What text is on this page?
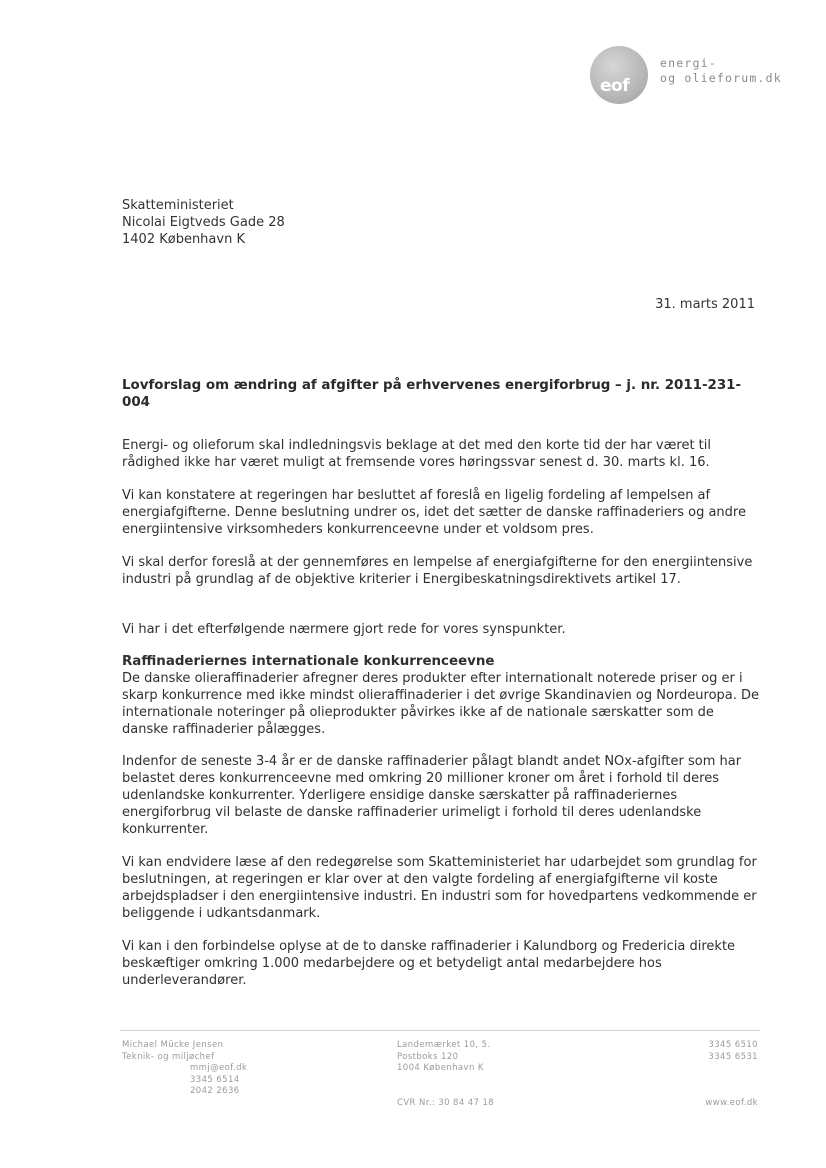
eof
energi-
og olieforum.dk
Skatteministeriet
Nicolai Eigtveds Gade 28
1402 København K
31. marts 2011
Lovforslag om ændring af afgifter på erhvervenes energiforbrug – j. nr. 2011-231-004

Energi- og olieforum skal indledningsvis beklage at det med den korte tid der har været til rådighed ikke har været muligt at fremsende vores høringssvar senest d. 30. marts kl. 16.

Vi kan konstatere at regeringen har besluttet af foreslå en ligelig fordeling af lempelsen af energiafgifterne. Denne beslutning undrer os, idet det sætter de danske raffinaderiers og andre energiintensive virksomheders konkurrenceevne under et voldsom pres.

Vi skal derfor foreslå at der gennemføres en lempelse af energiafgifterne for den energiintensive industri på grundlag af de objektive kriterier i Energibeskatningsdirektivets artikel 17.

Vi har i det efterfølgende nærmere gjort rede for vores synspunkter.

Raffinaderiernes internationale konkurrenceevne

De danske olieraffinaderier afregner deres produkter efter internationalt noterede priser og er i skarp konkurrence med ikke mindst olieraffinaderier i det øvrige Skandinavien og Nordeuropa. De internationale noteringer på olieprodukter påvirkes ikke af de nationale særskatter som de danske raffinaderier pålægges.

Indenfor de seneste 3-4 år er de danske raffinaderier pålagt blandt andet NOx-afgifter som har belastet deres konkurrenceevne med omkring 20 millioner kroner om året i forhold til deres udenlandske konkurrenter. Yderligere ensidige danske særskatter på raffinaderiernes energiforbrug vil belaste de danske raffinaderier urimeligt i forhold til deres udenlandske konkurrenter.

Vi kan endvidere læse af den redegørelse som Skatteministeriet har udarbejdet som grundlag for beslutningen, at regeringen er klar over at den valgte fordeling af energiafgifterne vil koste arbejdspladser i den energiintensive industri. En industri som for hovedpartens vedkommende er beliggende i udkantsdanmark.

Vi kan i den forbindelse oplyse at de to danske raffinaderier i Kalundborg og Fredericia direkte beskæftiger omkring 1.000 medarbejdere og et betydeligt antal medarbejdere hos underleverandører.

Michael Mücke Jensen
Teknik- og miljøchef
mmj@eof.dk
3345 6514
2042 2636
Landemærket 10, 5.
Postboks 120
1004 København K
CVR Nr.: 30 84 47 18
3345 6510
3345 6531
www.eof.dk
